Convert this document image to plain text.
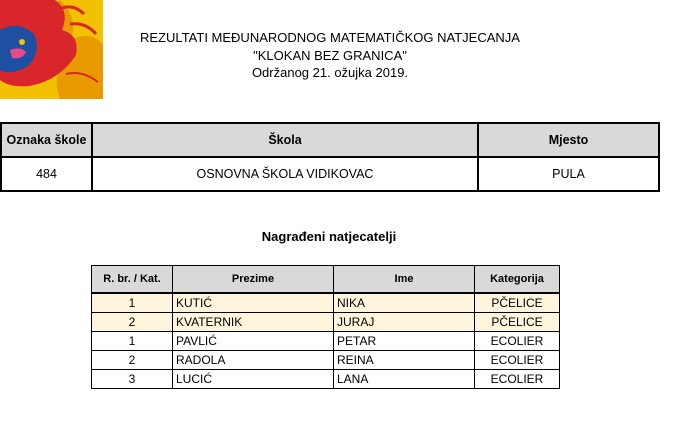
REZULTATI MEĐUNARODNOG MATEMATIČKOG NATJECANJA
"KLOKAN BEZ GRANICA"
Održanog 21. ožujka 2019.
Oznaka škole	Škola	Mjesto
484	OSNOVNA ŠKOLA VIDIKOVAC	PULA
Nagrađeni natjecatelji
R. br. / Kat.	Prezime	Ime	Kategorija
1	KUTIĆ	NIKA	PČELICE
2	KVATERNIK	JURAJ	PČELICE
1	PAVLIĆ	PETAR	ECOLIER
2	RADOLA	REINA	ECOLIER
3	LUCIĆ	LANA	ECOLIER
